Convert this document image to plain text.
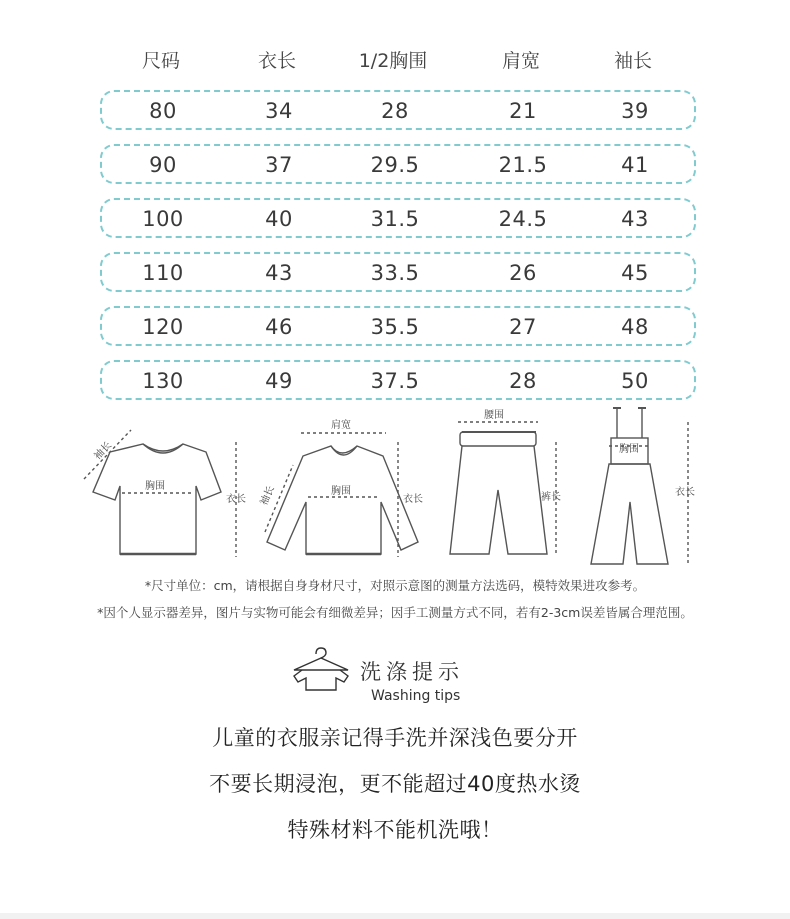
尺码	衣长	1/2胸围	肩宽	袖长
80	34	28	21	39
90	37	29.5	21.5	41
100	40	31.5	24.5	43
110	43	33.5	26	45
120	46	35.5	27	48
130	49	37.5	28	50
袖长
胸围
衣长
肩宽
袖长	胸围
衣长
腰围
裤长
胸围
衣长
*尺寸单位：cm，请根据自身身材尺寸，对照示意图的测量方法选码，模特效果进攻参考。
*因个人显示器差异，图片与实物可能会有细微差异；因手工测量方式不同，若有2-3cm误差皆属合理范围。
洗涤提示
Washing tips
儿童的衣服亲记得手洗并深浅色要分开
不要长期浸泡，更不能超过40度热水烫
特殊材料不能机洗哦！
